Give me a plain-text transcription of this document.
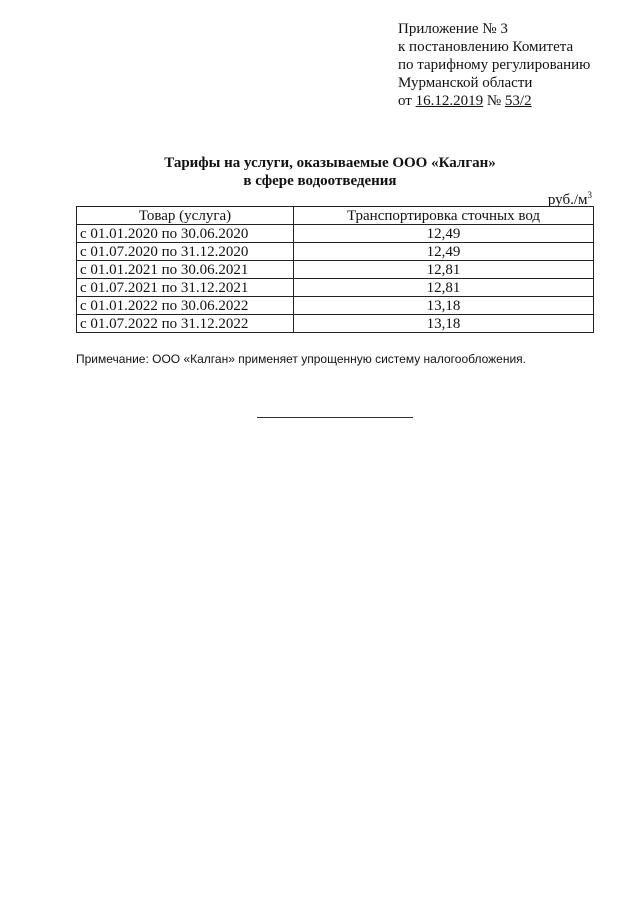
Приложение № 3
к постановлению Комитета
по тарифному регулированию
Мурманской области
от 16.12.2019 № 53/2
Тарифы на услуги, оказываемые ООО «Калган»
в сфере водоотведения
$руб./м^3$
Товар (услуга)	Транспортировка сточных вод
с 01.01.2020 по 30.06.2020	12,49
с 01.07.2020 по 31.12.2020	12,49
с 01.01.2021 по 30.06.2021	12,81
с 01.07.2021 по 31.12.2021	12,81
с 01.01.2022 по 30.06.2022	13,18
с 01.07.2022 по 31.12.2022	13,18
Примечание: ООО «Калган» применяет упрощенную систему налогообложения.
